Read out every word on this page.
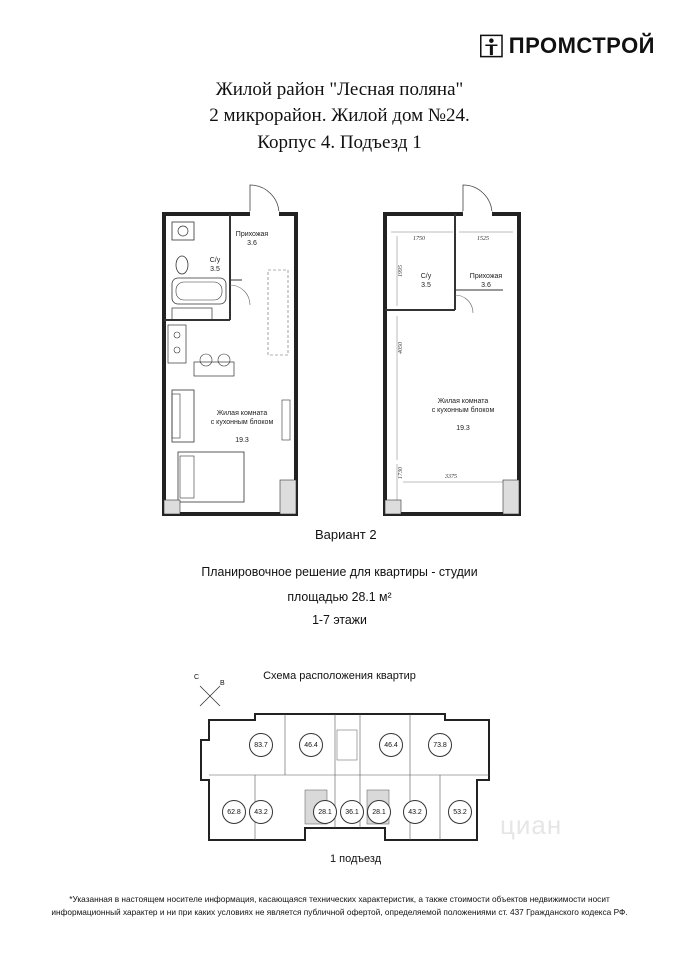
ПРОМСТРОЙ
Жилой район "Лесная поляна"
2 микрорайон. Жилой дом №24.
Корпус 4. Подъезд 1
Прихожая
3.6
С/у
3.5

Жилая комната
с кухонным блоком

19.3

1750	1525
1995
4050
1730	3375
С/у
3.5
Прихожая
3.6

Жилая комната
с кухонным блоком

19.3

Вариант 2
Планировочное решение для квартиры - студии
площадью 28.1 м²
1-7 этажи
Схема расположения квартир
С
В
83.7	46.4	46.4	73.8
62.8	43.2	28.1	36.1	28.1	43.2	53.2 циан
1 подъезд
*Указанная в настоящем носителе информация, касающаяся технических характеристик, а также стоимости объектов недвижимости носит
информационный характер и ни при каких условиях не является публичной офертой, определяемой положениями ст. 437 Гражданского кодекса РФ.
